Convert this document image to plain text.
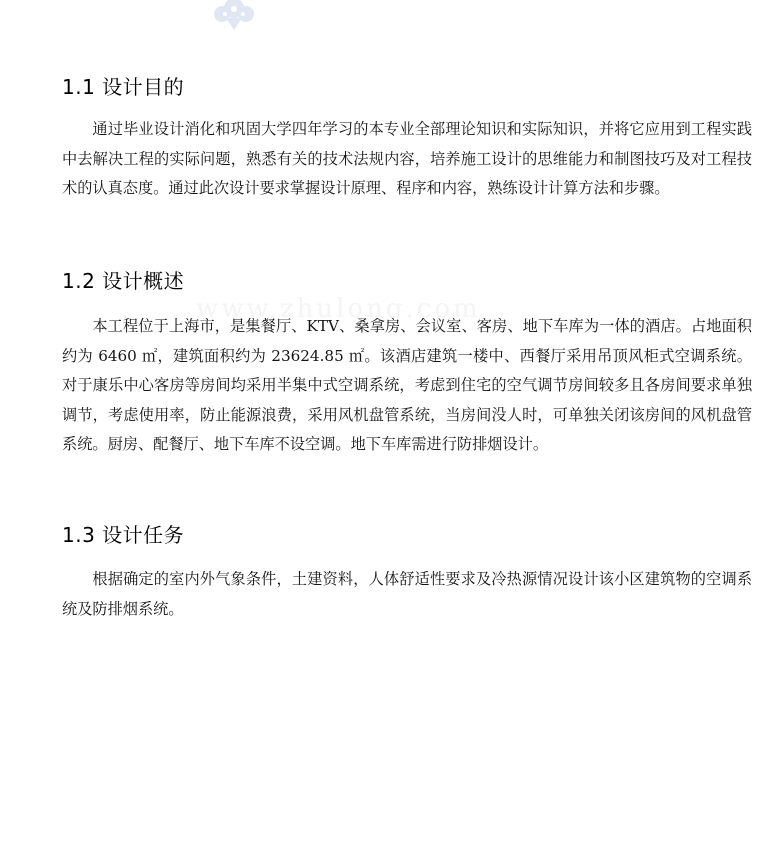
www.zhulong.com
1.1 设计目的

通过毕业设计消化和巩固大学四年学习的本专业全部理论知识和实际知识，并将它应用到工程实践中去解决工程的实际问题，熟悉有关的技术法规内容，培养施工设计的思维能力和制图技巧及对工程技术的认真态度。通过此次设计要求掌握设计原理、程序和内容，熟练设计计算方法和步骤。

1.2 设计概述

本工程位于上海市，是集餐厅、KTV、桑拿房、会议室、客房、地下车库为一体的酒店。占地面积约为 6460 ㎡，建筑面积约为 23624.85 ㎡。该酒店建筑一楼中、西餐厅采用吊顶风柜式空调系统。对于康乐中心客房等房间均采用半集中式空调系统，考虑到住宅的空气调节房间较多且各房间要求单独调节，考虑使用率，防止能源浪费，采用风机盘管系统，当房间没人时，可单独关闭该房间的风机盘管系统。厨房、配餐厅、地下车库不设空调。地下车库需进行防排烟设计。

1.3 设计任务

根据确定的室内外气象条件，土建资料，人体舒适性要求及冷热源情况设计该小区建筑物的空调系统及防排烟系统。
